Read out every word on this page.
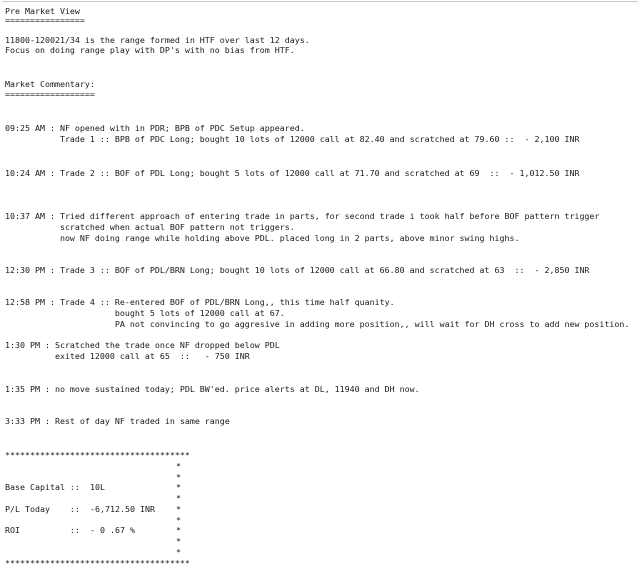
Pre Market View
================
11800-120021/34 is the range formed in HTF over last 12 days.
Focus on doing range play with DP's with no bias from HTF.
Market Commentary:
==================
09:25 AM : NF opened with in PDR; BPB of PDC Setup appeared.
Trade 1 :: BPB of PDC Long; bought 10 lots of 12000 call at 82.40 and scratched at 79.60 ::  - 2,100 INR
10:24 AM : Trade 2 :: BOF of PDL Long; bought 5 lots of 12000 call at 71.70 and scratched at 69  ::  - 1,012.50 INR
10:37 AM : Tried different approach of entering trade in parts, for second trade i took half before BOF pattern trigger
scratched when actual BOF pattern not triggers.
now NF doing range while holding above PDL. placed long in 2 parts, above minor swing highs.
12:30 PM : Trade 3 :: BOF of PDL/BRN Long; bought 10 lots of 12000 call at 66.80 and scratched at 63  ::  - 2,850 INR
12:58 PM : Trade 4 :: Re-entered BOF of PDL/BRN Long,, this time half quanity.
bought 5 lots of 12000 call at 67.
PA not convincing to go aggresive in adding more position,, will wait for DH cross to add new position.
1:30 PM : Scratched the trade once NF dropped below PDL
exited 12000 call at 65  ::   - 750 INR
1:35 PM : no move sustained today; PDL BW'ed. price alerts at DL, 11940 and DH now.
3:33 PM : Rest of day NF traded in same range
*************************************
*
Base Capital :: 10L
*
*
*
P/L Today    :: -6,712.50 INR	*
*
ROI          :: - 0 .67 %	*
*
*
*************************************
